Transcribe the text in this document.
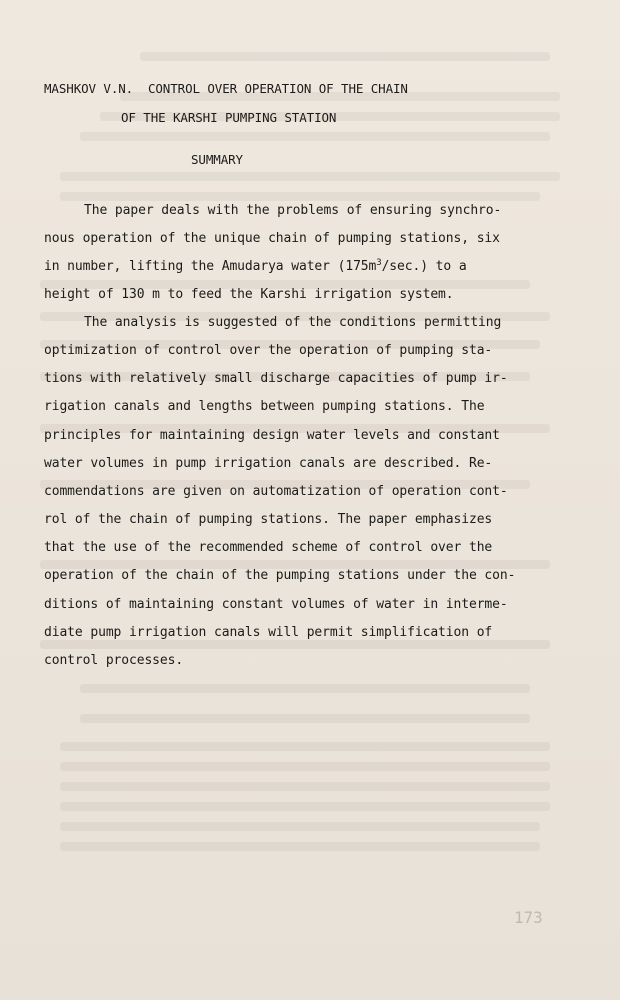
MASHKOV V.N.  CONTROL OVER OPERATION OF THE CHAIN
OF THE KARSHI PUMPING STATION
SUMMARY
The paper deals with the problems of ensuring synchro-
nous operation of the unique chain of pumping stations, six
in number, lifting the Amudarya water $(175m^3/\sec.)$ to a
height of 130 m to feed the Karshi irrigation system.
The analysis is suggested of the conditions permitting
optimization of control over the operation of pumping sta-
tions with relatively small discharge capacities of pump ir-
rigation canals and lengths between pumping stations. The
principles for maintaining design water levels and constant
water volumes in pump irrigation canals are described. Re-
commendations are given on automatization of operation cont-
rol of the chain of pumping stations. The paper emphasizes
that the use of the recommended scheme of control over the
operation of the chain of the pumping stations under the con-
ditions of maintaining constant volumes of water in interme-
diate pump irrigation canals will permit simplification of
control processes.
173
